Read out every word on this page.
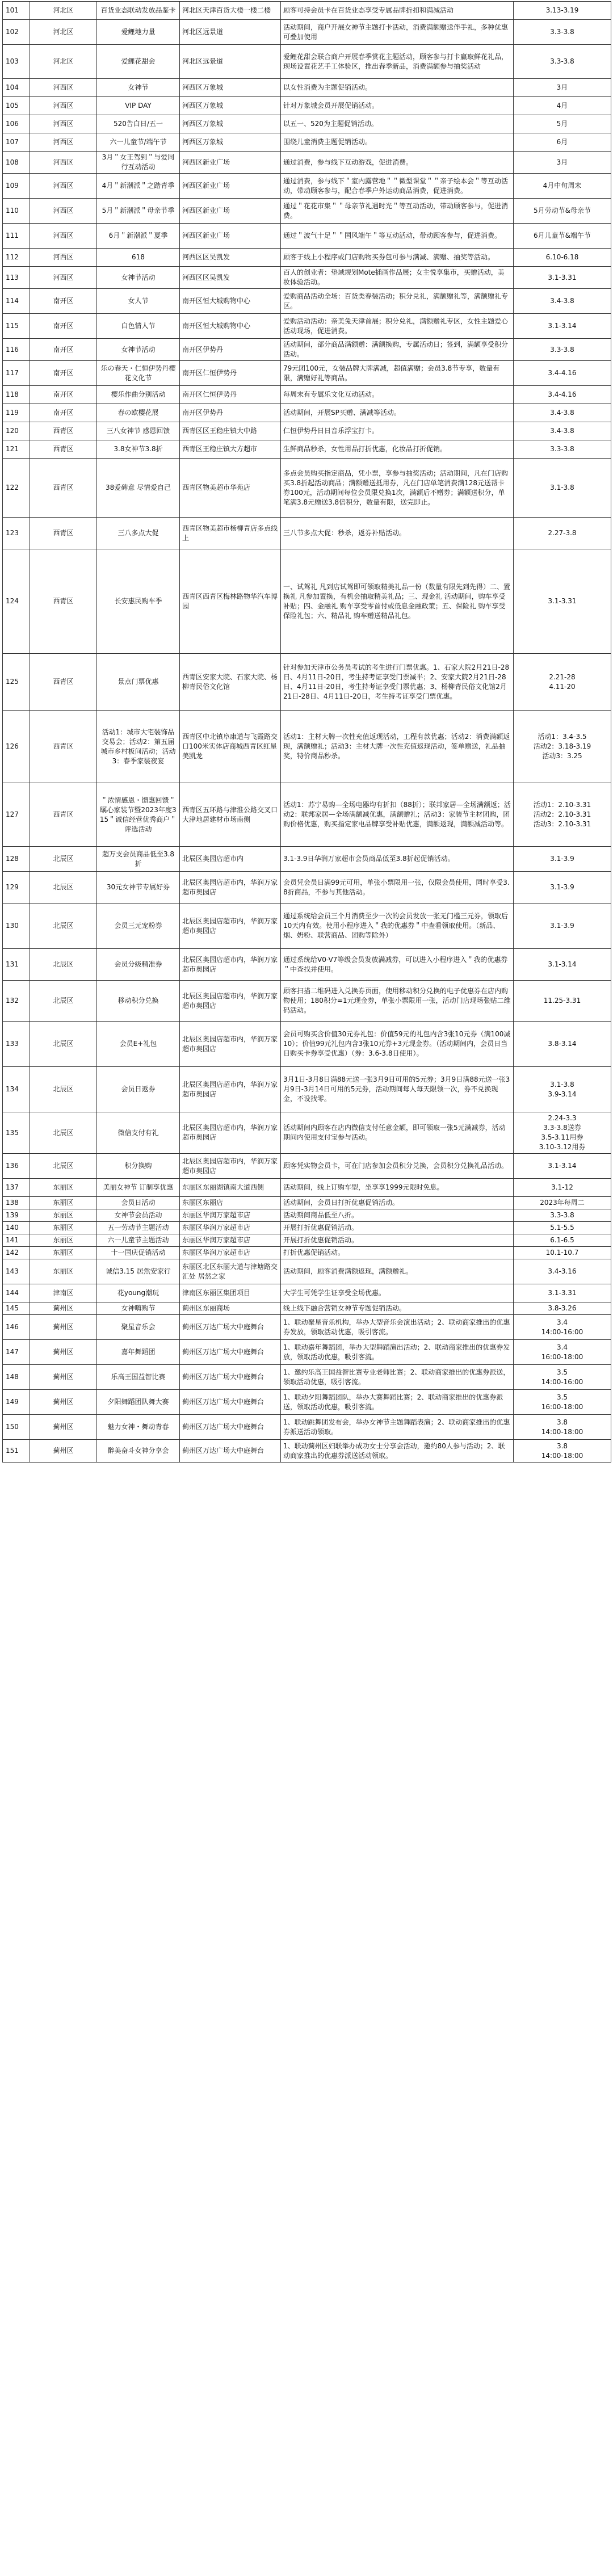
101	河北区	百货业态联动发放品鉴卡	河北区天津百货大楼一楼二楼	顾客可持会员卡在百货业态享受专属品牌折扣和满减活动	3.13-3.19
102	河北区	爱鲤地力量	河北区远景道	活动期间，商户开展女神节主题打卡活动，消费满额赠送伴手礼，多种优惠可叠加使用	3.3-3.8
103	河北区	爱鲤花甜会	河北区远景道	爱鲤花甜会联合商户开展春季赏花主题活动，顾客参与打卡赢取鲜花礼品，现场设置花艺手工体验区，推出春季新品，消费满额参与抽奖活动	3.3-3.8
104	河西区	女神节	河西区万象城	以女性消费为主题促销活动。	3月
105	河西区	VIP DAY	河西区万象城	针对万象城会员开展促销活动。	4月
106	河西区	520告白日/五一	河西区万象城	以五一、520为主题促销活动。	5月
107	河西区	六一儿童节/端午节	河西区万象城	围绕儿童消费主题促销活动。	6月
108	河西区	3月＂女王驾到＂与爱同行互动活动	河西区新业广场	通过消费，参与线下互动游戏，促进消费。	3月
109	河西区	4月＂新潮派＂之踏青季	河西区新业广场	通过消费，参与线下＂室内露营地＂＂微型课堂＂＂亲子绘本会＂等互动活动，带动顾客参与，配合春季户外运动商品消费，促进消费。	4月中旬周末
110	河西区	5月＂新潮派＂母亲节季	河西区新业广场	通过＂花花市集＂＂母亲节礼遇时光＂等互动活动，带动顾客参与，促进消费。	5月劳动节&母亲节
111	河西区	6月＂新潮派＂夏季	河西区新业广场	通过＂波气十足＂＂国风端午＂等互动活动，带动顾客参与，促进消费。	6月儿童节&端午节
112	河西区	618	河西区区吴凯发	顾客于线上小程序或门店购物买券包可参与满减、满赠、抽奖等活动。	6.10-6.18
113	河西区	女神节活动	河西区区吴凯发	百人的创业者：垫域规划Mote插画作品展；女主悦享集市，买赠活动，美妆体验活动。	3.1-3.31
114	南开区	女人节	南开区恒大城购物中心	爱购商品活动全场：百货类春装活动；积分兑礼，满额赠礼等，满额赠礼专区。	3.4-3.8
115	南开区	白色情人节	南开区恒大城购物中心	爱购活动活动：亲美兔天津首展；积分兑礼，满额赠礼专区，女性主题爱心活动现场，促进消费。	3.1-3.14
116	南开区	女神节活动	南开区伊势丹	活动期间，部分商品满额赠：满额换购，专属活动日；签到，满额享受积分活动。	3.3-3.8
117	南开区	乐の春天・仁恒伊势丹樱花文化节	南开区仁恒伊势丹	79元团100元，女装品牌大牌满减，超值满赠；会员3.8节专享，数量有限，满赠好礼等商品。	3.4-4.16
118	南开区	樱乐作曲分别活动	南开区仁恒伊势丹	每周末有专属乐文化互动活动。	3.4-4.16
119	南开区	春の欧樱花展	南开区伊势丹	活动期间，开展SP买赠、满减等活动。	3.4-3.8
120	西青区	三八女神节 感恩回馈	西青区区王稳庄镇大中路	仁恒伊势丹日日音乐浮宝打卡。	3.4-3.8
121	西青区	3.8女神节3.8折	西青区王稳庄镇大方超市	生鲜商品秒杀，女性用品打折优惠，化妆品打折促销。	3.3-3.8
122	西青区	38爱碑意 尽情爱自己	西青区物美超市华苑店	多点会员购买指定商品，凭小票，享参与抽奖活动；活动期间，凡在门店购买3.8折起活动商品；满额赠送抵用券，凡在门店单笔消费满128元送帮卡券100元，活动期间每位会员限兑换1次，满额后不赠券；满额送积分，单笔满3.8元赠送3.8倍积分，数量有限，送完即止。	3.1-3.8
123	西青区	三八多点大促	西青区物美超市杨柳青店多点线上	三八节多点大促：秒杀，返券补贴活动。	2.27-3.8
124	西青区	长安惠民购车季	西青区西青区梅林路物华汽车博园	一、试驾礼 凡到店试驾即可领取精美礼品一份（数量有限先到先得）二、置换礼 凡参加置换，有机会抽取精美礼品；三、现金礼 活动期间，购车享受补贴；四、金融礼 购车享受零首付或低息金融政策；五、保险礼 购车享受保险礼包；六、精品礼 购车赠送精品礼包。	3.1-3.31
125	西青区	景点门票优惠	西青区安家大院、石家大院、杨柳青民俗文化馆	针对参加天津市公务员考试的考生进行门票优惠。1、石家大院2月21日-28日、4月11日-20日，考生持考证享受门票减半；2、安家大院2月21日-28日、4月11日-20日，考生持考证享受门票优惠；3、杨柳青民俗文化馆2月21日-28日、4月11日-20日，考生持考证享受门票优惠。	2.21-28
4.11-20
126	西青区	活动1：城市大宅装饰品交易会；活动2：第五届城市乡村板间活动；活动3：春季家装夜宴	西青区中北镇阜康道与飞霞路交口100米实体店商城西青区红星美凯龙	活动1：主材大牌一次性充值返现活动，工程有款优惠；活动2：消费满额返现，满额赠礼；活动3：主材大牌一次性充值返现活动，签单赠送，礼品抽奖，特价商品秒杀。	活动1：3.4-3.5
活动2：3.18-3.19
活动3：3.25
127	西青区	＂浓情感恩・馈惠回馈＂瞩心家装节暨2023年度315＂诚信经营优秀商户＂评选活动	西青区五环路与津淮公路交叉口大津地居建材市场南侧	活动1：苏宁易购—全场电器均有折扣（88折）；联邦家居—全场满额返；活动2：联邦家居—全场满额减优惠，满额赠礼；活动3：家装节主材团购，团购价格优惠，购买指定家电品牌享受补贴优惠，满额返现，满额减活动等。	活动1：2.10-3.31
活动2：2.10-3.31
活动3：2.10-3.31
128	北辰区	超万支会员商品低至3.8折	北辰区奥园店超市内	3.1-3.9日华润万家超市会员商品低至3.8折起促销活动。	3.1-3.9
129	北辰区	30元女神节专属好券	北辰区奥园店超市内，华润万家超市奥园店	会员凭会员日满99元可用，单张小票限用一张，仅限会员使用，同时享受3.8折商品，不参与其他活动。	3.1-3.9
130	北辰区	会员三元宠粉券	北辰区奥园店超市内，华润万家超市奥园店	通过系统给会员三个月消费至少一次的会员发放一张无门槛三元券，领取后10天内有效。使用小程序进入＂我的优惠券＂中查看领取使用。（新品、烟、奶粉、联营商品、团购等除外）	3.1-3.9
131	北辰区	会员分级精准券	北辰区奥园店超市内，华润万家超市奥园店	通过系统给V0-V7等级会员发放满减券，可以进入小程序进入＂我的优惠券＂中查找并使用。	3.1-3.14
132	北辰区	移动积分兑换	北辰区奥园店超市内，华润万家超市奥园店	顾客扫描二维码进入兑换券页面，使用移动积分兑换的电子优惠券在店内购物使用；180积分=1元现金券，单张小票限用一张，活动门店现场张贴二维码活动。	11.25-3.31
133	北辰区	会员E+礼包	北辰区奥园店超市内，华润万家超市奥园店	会员可购买含价值30元券礼包：价值59元的礼包内含3张10元券（满100减10）；价值99元礼包内含3张10元券+3元现金券。（活动期间内，会员日当日购买卡券享受优惠）（券：3.6-3.8日使用）。	3.8-3.14
134	北辰区	会员日返券	北辰区奥园店超市内，华润万家超市奥园店	3月1日-3月8日满88元送一张3月9日可用的5元券；3月9日满88元送一张3月9日-3月14日可用的5元券，活动期间每人每天限领一次，券不兑换现金，不设找零。	3.1-3.8
3.9-3.14
135	北辰区	微信支付有礼	北辰区奥园店超市内，华润万家超市奥园店	活动期间内顾客在店内微信支付任意金额，即可领取一张5元满减券，活动期间内使用支付宝参与活动。	2.24-3.3
3.3-3.8送券
3.5-3.11用券
3.10-3.12用券
136	北辰区	积分换购	北辰区奥园店超市内，华润万家超市奥园店	顾客凭实物会员卡，可在门店参加会员积分兑换，会员积分兑换礼品活动。	3.1-3.14
137	东丽区	美丽女神节 订制享优惠	东丽区东丽湖镇南大道西侧	活动期间，线上订购车型，坐享享1999元限时免息。	3.1-12
138	东丽区	会员日活动	东丽区东丽店	活动期间，会员日打折优惠促销活动。	2023年每周二
139	东丽区	女神节会员活动	东丽区华润万家超市店	活动期间商品低至八折。	3.3-3.8
140	东丽区	五一劳动节主题活动	东丽区华润万家超市店	开展打折优惠促销活动。	5.1-5.5
141	东丽区	六一儿童节主题活动	东丽区华润万家超市店	开展打折优惠促销活动。	6.1-6.5
142	东丽区	十一国庆促销活动	东丽区华润万家超市店	打折优惠促销活动。	10.1-10.7
143	东丽区	诚信3.15 居然安家行	东丽区北区东丽大道与津塘路交汇处 居然之家	活动期间，顾客消费满额返现，满额赠礼。	3.4-3.16
144	津南区	花young潮玩	津南区东丽区集团项目	大学生可凭学生证享受全场优惠。	3.1-3.31
145	蓟州区	女神嗨购节	蓟州区东丽商场	线上线下融合营销女神节专题促销活动。	3.8-3.26
146	蓟州区	聚星音乐会	蓟州区万达广场大中庭舞台	1、联动聚星音乐机构，举办大型音乐会演出活动；2、联动商家推出的优惠券发放，领取活动优惠，吸引客流。	3.4
14:00-16:00
147	蓟州区	嘉年舞蹈团	蓟州区万达广场大中庭舞台	1、联动嘉年舞蹈团，举办大型舞蹈演出活动；2、联动商家推出的优惠券发放，领取活动优惠，吸引客流。	3.4
16:00-18:00
148	蓟州区	乐高王国益智比赛	蓟州区万达广场大中庭舞台	1、邀约乐高王国益智比赛专业老师比赛；2、联动商家推出的优惠券派送，领取活动优惠，吸引客流。	3.5
14:00-16:00
149	蓟州区	夕阳舞蹈团队舞大赛	蓟州区万达广场大中庭舞台	1、联动夕阳舞蹈团队，举办大赛舞蹈比赛；2、联动商家推出的优惠券派送，领取活动优惠，吸引客流。	3.5
16:00-18:00
150	蓟州区	魅力女神・舞动青春	蓟州区万达广场大中庭舞台	1、联动跳舞团发布会，举办女神节主题舞蹈表演；2、联动商家推出的优惠券派送活动领取。	3.8
14:00-18:00
151	蓟州区	醉美奋斗女神分享会	蓟州区万达广场大中庭舞台	1、联动蓟州区妇联举办成功女士分享会活动，邀约80人参与活动；2、联动商家推出的优惠券派送活动领取。	3.8
14:00-18:00
